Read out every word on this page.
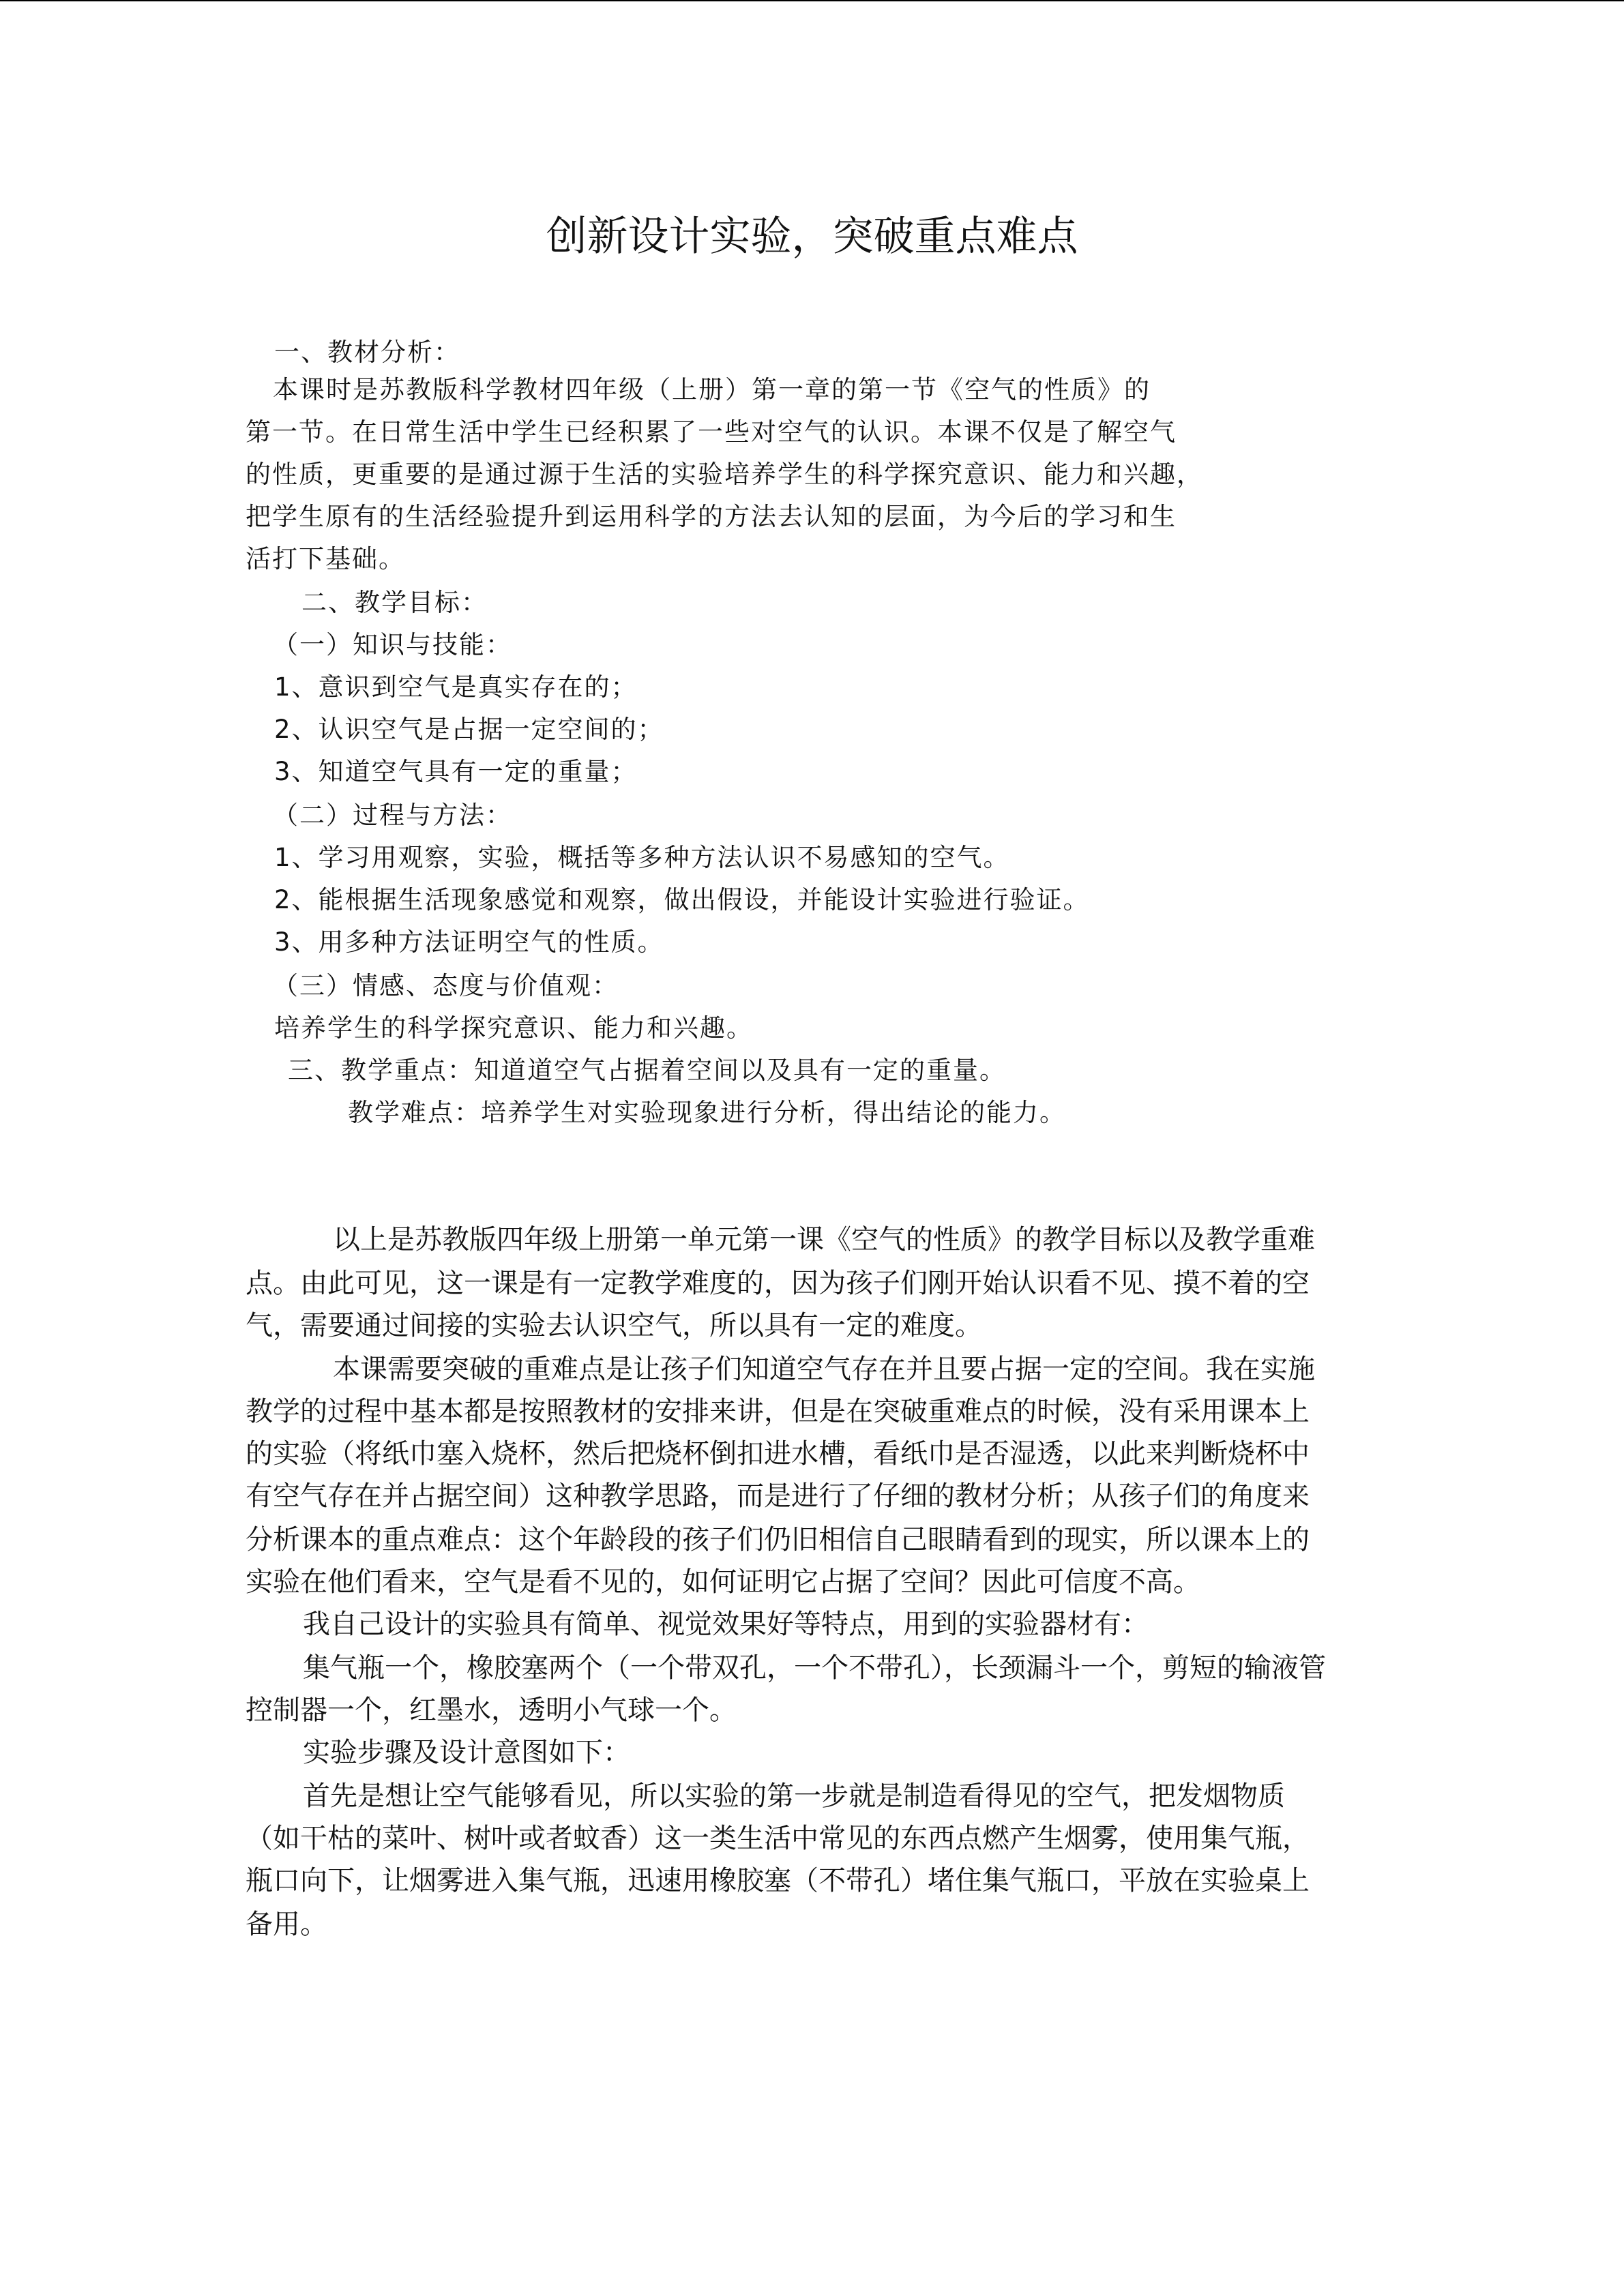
创新设计实验，突破重点难点
一、教材分析：
本课时是苏教版科学教材四年级（上册）第一章的第一节《空气的性质》的
第一节。在日常生活中学生已经积累了一些对空气的认识。本课不仅是了解空气
的性质，更重要的是通过源于生活的实验培养学生的科学探究意识、能力和兴趣，
把学生原有的生活经验提升到运用科学的方法去认知的层面，为今后的学习和生
活打下基础。
二、教学目标：
（一）知识与技能：
1、意识到空气是真实存在的；
2、认识空气是占据一定空间的；
3、知道空气具有一定的重量；
（二）过程与方法：
1、学习用观察，实验，概括等多种方法认识不易感知的空气。
2、能根据生活现象感觉和观察，做出假设，并能设计实验进行验证。
3、用多种方法证明空气的性质。
（三）情感、态度与价值观：
培养学生的科学探究意识、能力和兴趣。
三、教学重点：知道道空气占据着空间以及具有一定的重量。
教学难点：培养学生对实验现象进行分析，得出结论的能力。
以上是苏教版四年级上册第一单元第一课《空气的性质》的教学目标以及教学重难
点。由此可见，这一课是有一定教学难度的，因为孩子们刚开始认识看不见、摸不着的空
气，需要通过间接的实验去认识空气，所以具有一定的难度。
本课需要突破的重难点是让孩子们知道空气存在并且要占据一定的空间。我在实施
教学的过程中基本都是按照教材的安排来讲，但是在突破重难点的时候，没有采用课本上
的实验（将纸巾塞入烧杯，然后把烧杯倒扣进水槽，看纸巾是否湿透，以此来判断烧杯中
有空气存在并占据空间）这种教学思路，而是进行了仔细的教材分析；从孩子们的角度来
分析课本的重点难点：这个年龄段的孩子们仍旧相信自己眼睛看到的现实，所以课本上的
实验在他们看来，空气是看不见的，如何证明它占据了空间？因此可信度不高。
我自己设计的实验具有简单、视觉效果好等特点，用到的实验器材有：
集气瓶一个，橡胶塞两个（一个带双孔，一个不带孔），长颈漏斗一个，剪短的输液管
控制器一个，红墨水，透明小气球一个。
实验步骤及设计意图如下：
首先是想让空气能够看见，所以实验的第一步就是制造看得见的空气，把发烟物质
（如干枯的菜叶、树叶或者蚊香）这一类生活中常见的东西点燃产生烟雾，使用集气瓶，
瓶口向下，让烟雾进入集气瓶，迅速用橡胶塞（不带孔）堵住集气瓶口，平放在实验桌上
备用。
